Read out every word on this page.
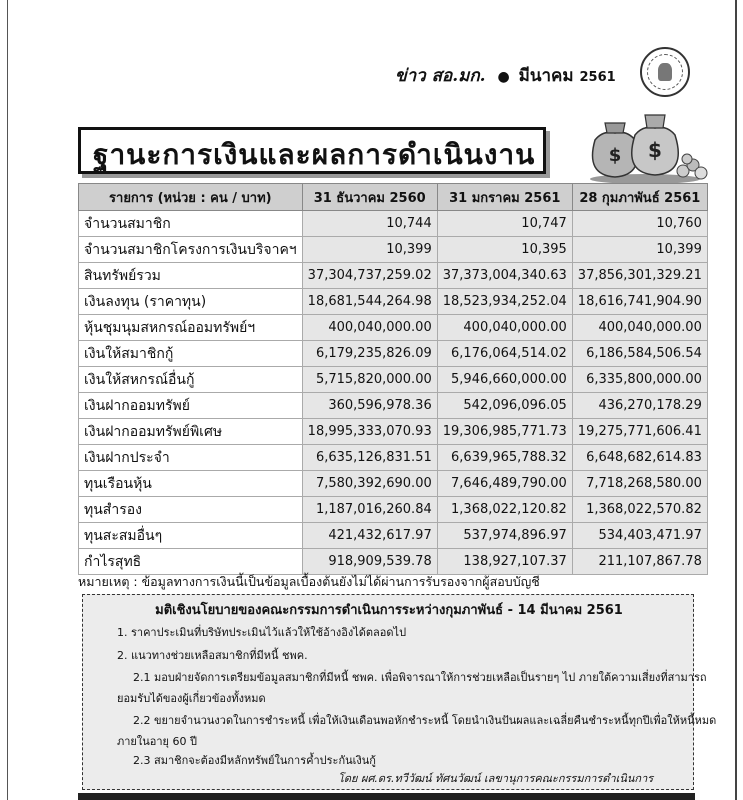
ข่าว สอ.มก. ● มีนาคม 2561
ฐานะการเงินและผลการดำเนินงาน	$ $
รายการ (หน่วย : คน / บาท)	31 ธันวาคม 2560	31 มกราคม 2561	28 กุมภาพันธ์ 2561
จำนวนสมาชิก	10,744	10,747	10,760
จำนวนสมาชิกโครงการเงินบริจาคฯ	10,399	10,395	10,399
สินทรัพย์รวม	37,304,737,259.02	37,373,004,340.63	37,856,301,329.21
เงินลงทุน (ราคาทุน)	18,681,544,264.98	18,523,934,252.04	18,616,741,904.90
หุ้นชุมนุมสหกรณ์ออมทรัพย์ฯ	400,040,000.00	400,040,000.00	400,040,000.00
เงินให้สมาชิกกู้	6,179,235,826.09	6,176,064,514.02	6,186,584,506.54
เงินให้สหกรณ์อื่นกู้	5,715,820,000.00	5,946,660,000.00	6,335,800,000.00
เงินฝากออมทรัพย์	360,596,978.36	542,096,096.05	436,270,178.29
เงินฝากออมทรัพย์พิเศษ	18,995,333,070.93	19,306,985,771.73	19,275,771,606.41
เงินฝากประจำ	6,635,126,831.51	6,639,965,788.32	6,648,682,614.83
ทุนเรือนหุ้น	7,580,392,690.00	7,646,489,790.00	7,718,268,580.00
ทุนสำรอง	1,187,016,260.84	1,368,022,120.82	1,368,022,570.82
ทุนสะสมอื่นๆ	421,432,617.97	537,974,896.97	534,403,471.97
กำไรสุทธิ	918,909,539.78	138,927,107.37	211,107,867.78
หมายเหตุ : ข้อมูลทางการเงินนี้เป็นข้อมูลเบื้องต้นยังไม่ได้ผ่านการรับรองจากผู้สอบบัญชี
มติเชิงนโยบายของคณะกรรมการดำเนินการระหว่างกุมภาพันธ์ - 14 มีนาคม 2561
1. ราคาประเมินที่บริษัทประเมินไว้แล้วให้ใช้อ้างอิงได้ตลอดไป
2. แนวทางช่วยเหลือสมาชิกที่มีหนี้ ชพค.
2.1 มอบฝ่ายจัดการเตรียมข้อมูลสมาชิกที่มีหนี้ ชพค. เพื่อพิจารณาให้การช่วยเหลือเป็นรายๆ ไป ภายใต้ความเสี่ยงที่สามารถ
ยอมรับได้ของผู้เกี่ยวข้องทั้งหมด
2.2 ขยายจำนวนงวดในการชำระหนี้ เพื่อให้เงินเดือนพอหักชำระหนี้ โดยนำเงินปันผลและเฉลี่ยคืนชำระหนี้ทุกปีเพื่อให้หนี้หมด
ภายในอายุ 60 ปี
2.3 สมาชิกจะต้องมีหลักทรัพย์ในการค้ำประกันเงินกู้
โดย ผศ.ดร.ทวีวัฒน์ ทัศนวัฒน์ เลขานุการคณะกรรมการดำเนินการ
